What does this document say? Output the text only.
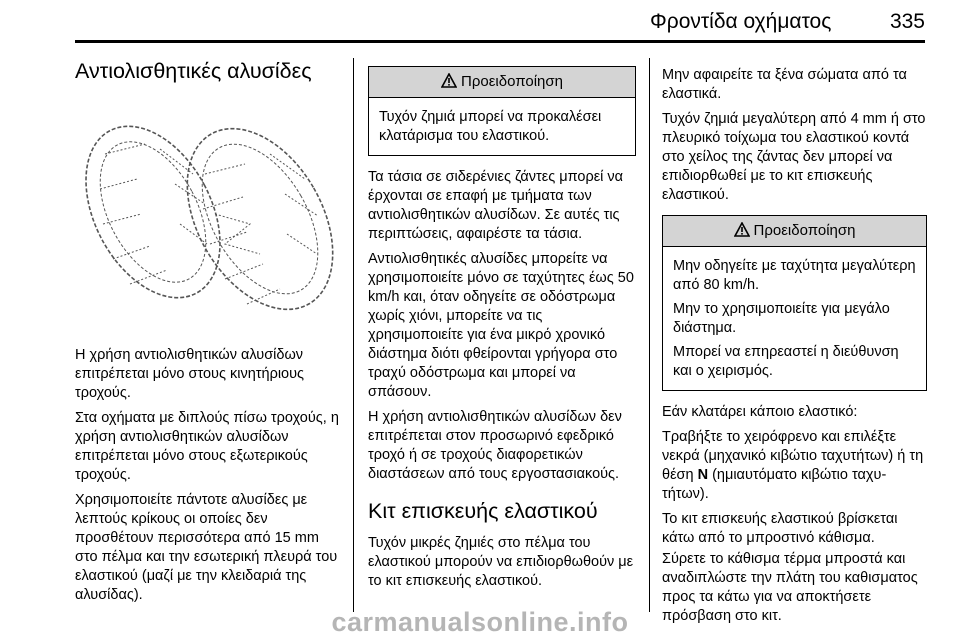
Φροντίδα οχήματος	335
Αντιολισθητικές αλυσίδες

Η χρήση αντιολισθητικών αλυσίδων επιτρέπεται μόνο στους κινητήριους τροχούς.

Στα οχήματα με διπλούς πίσω τροχούς, η χρήση αντιολισθητικών αλυσίδων επιτρέπεται μόνο στους εξωτερικούς τροχούς.

Χρησιμοποιείτε πάντοτε αλυσίδες με λεπτούς κρίκους οι οποίες δεν προσθέτουν περισσότερα από 15 mm στο πέλμα και την εσωτερική πλευρά του ελαστικού (μαζί με την κλειδαριά της αλυσίδας).

Προειδοποίηση

Τυχόν ζημιά μπορεί να προκαλέσει κλατάρισμα του ελαστικού.

Τα τάσια σε σιδερένιες ζάντες μπορεί να έρχονται σε επαφή με τμήματα των αντιολισθητικών αλυσίδων. Σε αυτές τις περιπτώσεις, αφαιρέστε τα τάσια.

Αντιολισθητικές αλυσίδες μπορείτε να χρησιμοποιείτε μόνο σε ταχύτητες έως 50 km/h και, όταν οδηγείτε σε οδόστρωμα χωρίς χιόνι, μπορείτε να τις χρησιμοποιείτε για ένα μικρό χρονικό διάστημα διότι φθείρονται γρήγορα στο τραχύ οδόστρωμα και μπορεί να σπάσουν.

Η χρήση αντιολισθητικών αλυσίδων δεν επιτρέπεται στον προσωρινό εφεδρικό τροχό ή σε τροχούς διαφορετικών διαστάσεων από τους εργοστασιακούς.

Κιτ επισκευής ελαστικού

Τυχόν μικρές ζημιές στο πέλμα του ελαστικού μπορούν να επιδιορθωθούν με το κιτ επισκευής ελαστικού.

Μην αφαιρείτε τα ξένα σώματα από τα ελαστικά.

Τυχόν ζημιά μεγαλύτερη από 4 mm ή στο πλευρικό τοίχωμα του ελαστικού κοντά στο χείλος της ζάντας δεν μπορεί να επιδιορθωθεί με το κιτ επισκευής ελαστικού.

Προειδοποίηση

Μην οδηγείτε με ταχύτητα μεγαλύτερη από 80 km/h.

Μην το χρησιμοποιείτε για μεγάλο διάστημα.

Μπορεί να επηρεαστεί η διεύθυνση και ο χειρισμός.

Εάν κλατάρει κάποιο ελαστικό:

Τραβήξτε το χειρόφρενο και επιλέξτε νεκρά (μηχανικό κιβώτιο ταχυτήτων) ή τη θέση N (ημιαυτόματο κιβώτιο ταχυτήτων).

Το κιτ επισκευής ελαστικού βρίσκεται κάτω από το μπροστινό κάθισμα.

Σύρετε το κάθισμα τέρμα μπροστά και αναδιπλώστε την πλάτη του καθισματος προς τα κάτω για να αποκτήσετε πρόσβαση στο κιτ.

carmanualsonline.info
